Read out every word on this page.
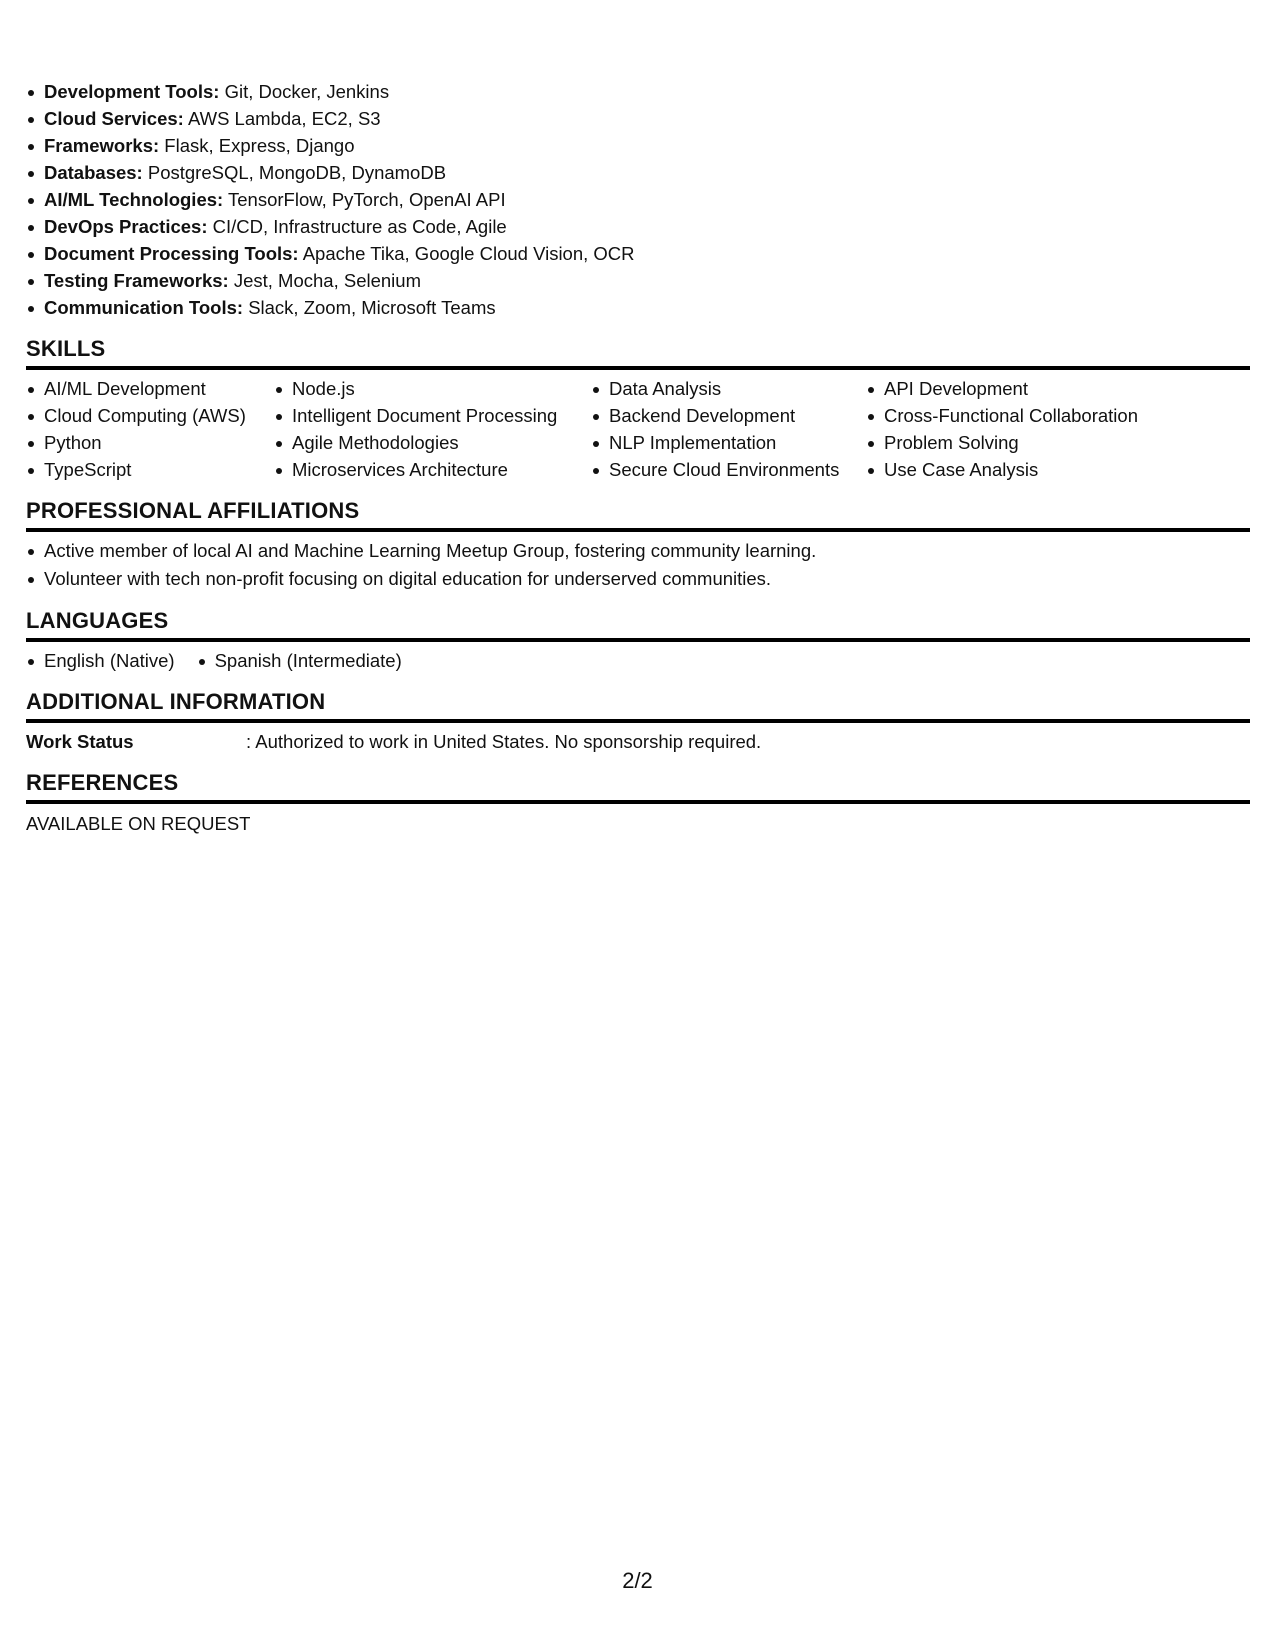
Development Tools: Git, Docker, Jenkins
Cloud Services: AWS Lambda, EC2, S3
Frameworks: Flask, Express, Django
Databases: PostgreSQL, MongoDB, DynamoDB
AI/ML Technologies: TensorFlow, PyTorch, OpenAI API
DevOps Practices: CI/CD, Infrastructure as Code, Agile
Document Processing Tools: Apache Tika, Google Cloud Vision, OCR
Testing Frameworks: Jest, Mocha, Selenium
Communication Tools: Slack, Zoom, Microsoft Teams
SKILLS
AI/ML Development
Cloud Computing (AWS)
Python
TypeScript
Node.js
Intelligent Document Processing
Agile Methodologies
Microservices Architecture
Data Analysis
Backend Development
NLP Implementation
Secure Cloud Environments
API Development
Cross-Functional Collaboration
Problem Solving
Use Case Analysis
PROFESSIONAL AFFILIATIONS
Active member of local AI and Machine Learning Meetup Group, fostering community learning.
Volunteer with tech non-profit focusing on digital education for underserved communities.
LANGUAGES
English (Native)	Spanish (Intermediate)
ADDITIONAL INFORMATION
Work Status	: Authorized to work in United States. No sponsorship required.
REFERENCES
AVAILABLE ON REQUEST
2/2
